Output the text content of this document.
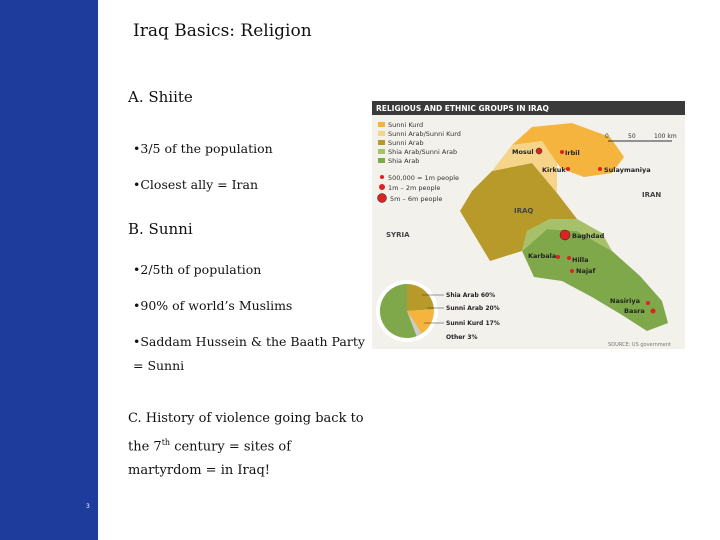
3
Iraq Basics: Religion
A. Shiite
•3/5 of the population
•Closest ally = Iran
B. Sunni
•2/5th of population
•90% of world’s Muslims
•Saddam Hussein & the Baath Party
= Sunni
C. History of violence going back to the 7th century = sites of martyrdom = in Iraq!
RELIGIOUS AND ETHNIC GROUPS IN IRAQ
Sunni Kurd
Sunni Arab/Sunni Kurd
Sunni Arab
Shia Arab/Sunni Arab
Shia Arab
500,000 = 1m people
1m – 2m people
5m – 6m people
0	50	100 km
IRAN
SYRIA
IRAQ
Mosul	Irbil
Kirkuk	Sulaymaniya
Baghdad
Karbala Hilla
Najaf
Nasiriya
Basra
Shia Arab 60%
Sunni Arab 20%
Sunni Kurd 17%
Other 3%
SOURCE: US government
